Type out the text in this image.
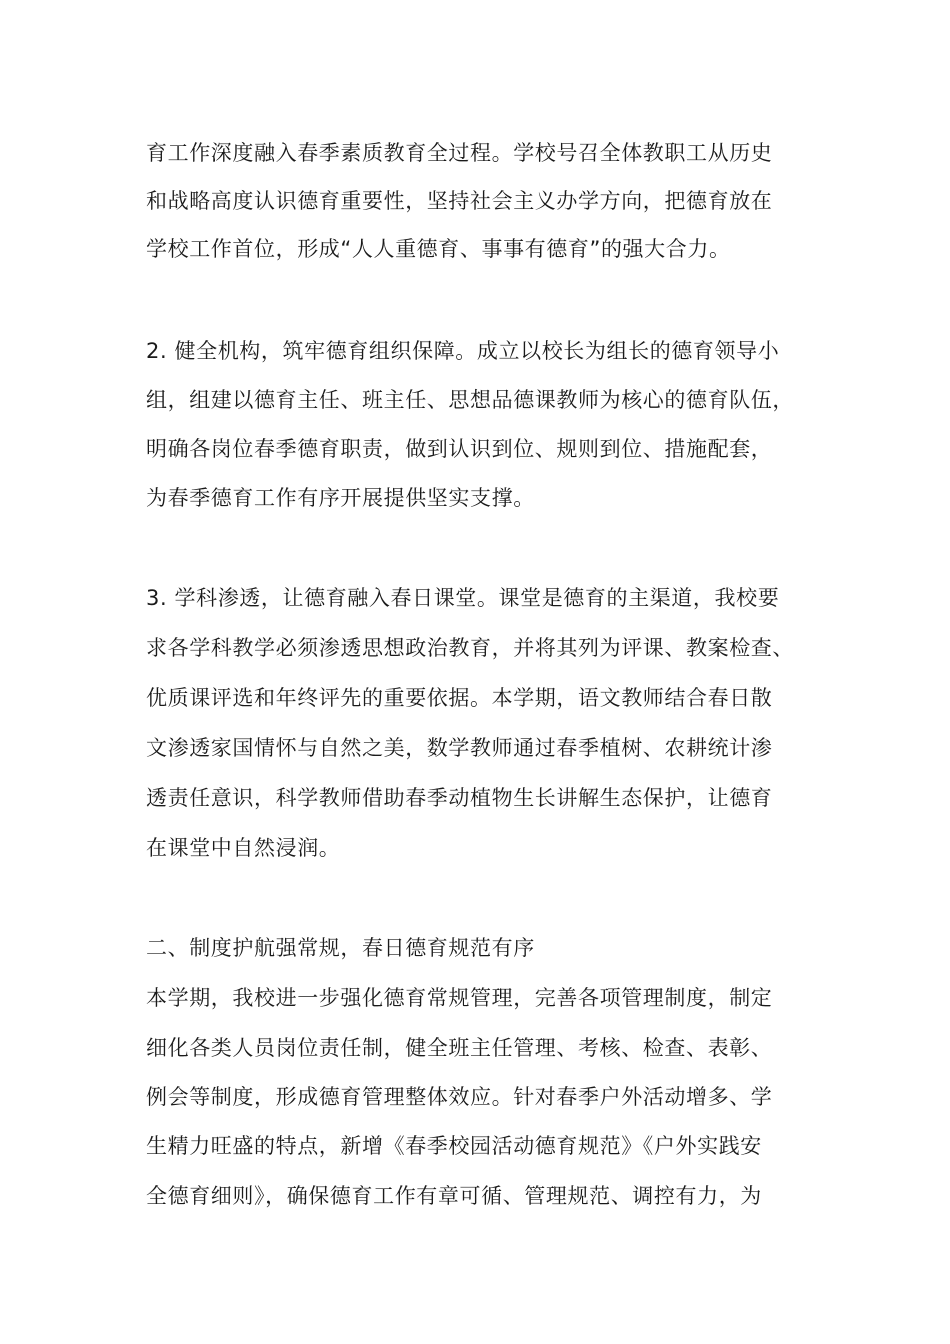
育工作深度融入春季素质教育全过程。学校号召全体教职工从历史
和战略高度认识德育重要性，坚持社会主义办学方向，把德育放在
学校工作首位，形成“人人重德育、事事有德育”的强大合力。
2. 健全机构，筑牢德育组织保障。成立以校长为组长的德育领导小
组，组建以德育主任、班主任、思想品德课教师为核心的德育队伍，
明确各岗位春季德育职责，做到认识到位、规则到位、措施配套，
为春季德育工作有序开展提供坚实支撑。
3. 学科渗透，让德育融入春日课堂。课堂是德育的主渠道，我校要
求各学科教学必须渗透思想政治教育，并将其列为评课、教案检查、
优质课评选和年终评先的重要依据。本学期，语文教师结合春日散
文渗透家国情怀与自然之美，数学教师通过春季植树、农耕统计渗
透责任意识，科学教师借助春季动植物生长讲解生态保护，让德育
在课堂中自然浸润。
二、制度护航强常规，春日德育规范有序
本学期，我校进一步强化德育常规管理，完善各项管理制度，制定
细化各类人员岗位责任制，健全班主任管理、考核、检查、表彰、
例会等制度，形成德育管理整体效应。针对春季户外活动增多、学
生精力旺盛的特点，新增《春季校园活动德育规范》《户外实践安
全德育细则》，确保德育工作有章可循、管理规范、调控有力，为
